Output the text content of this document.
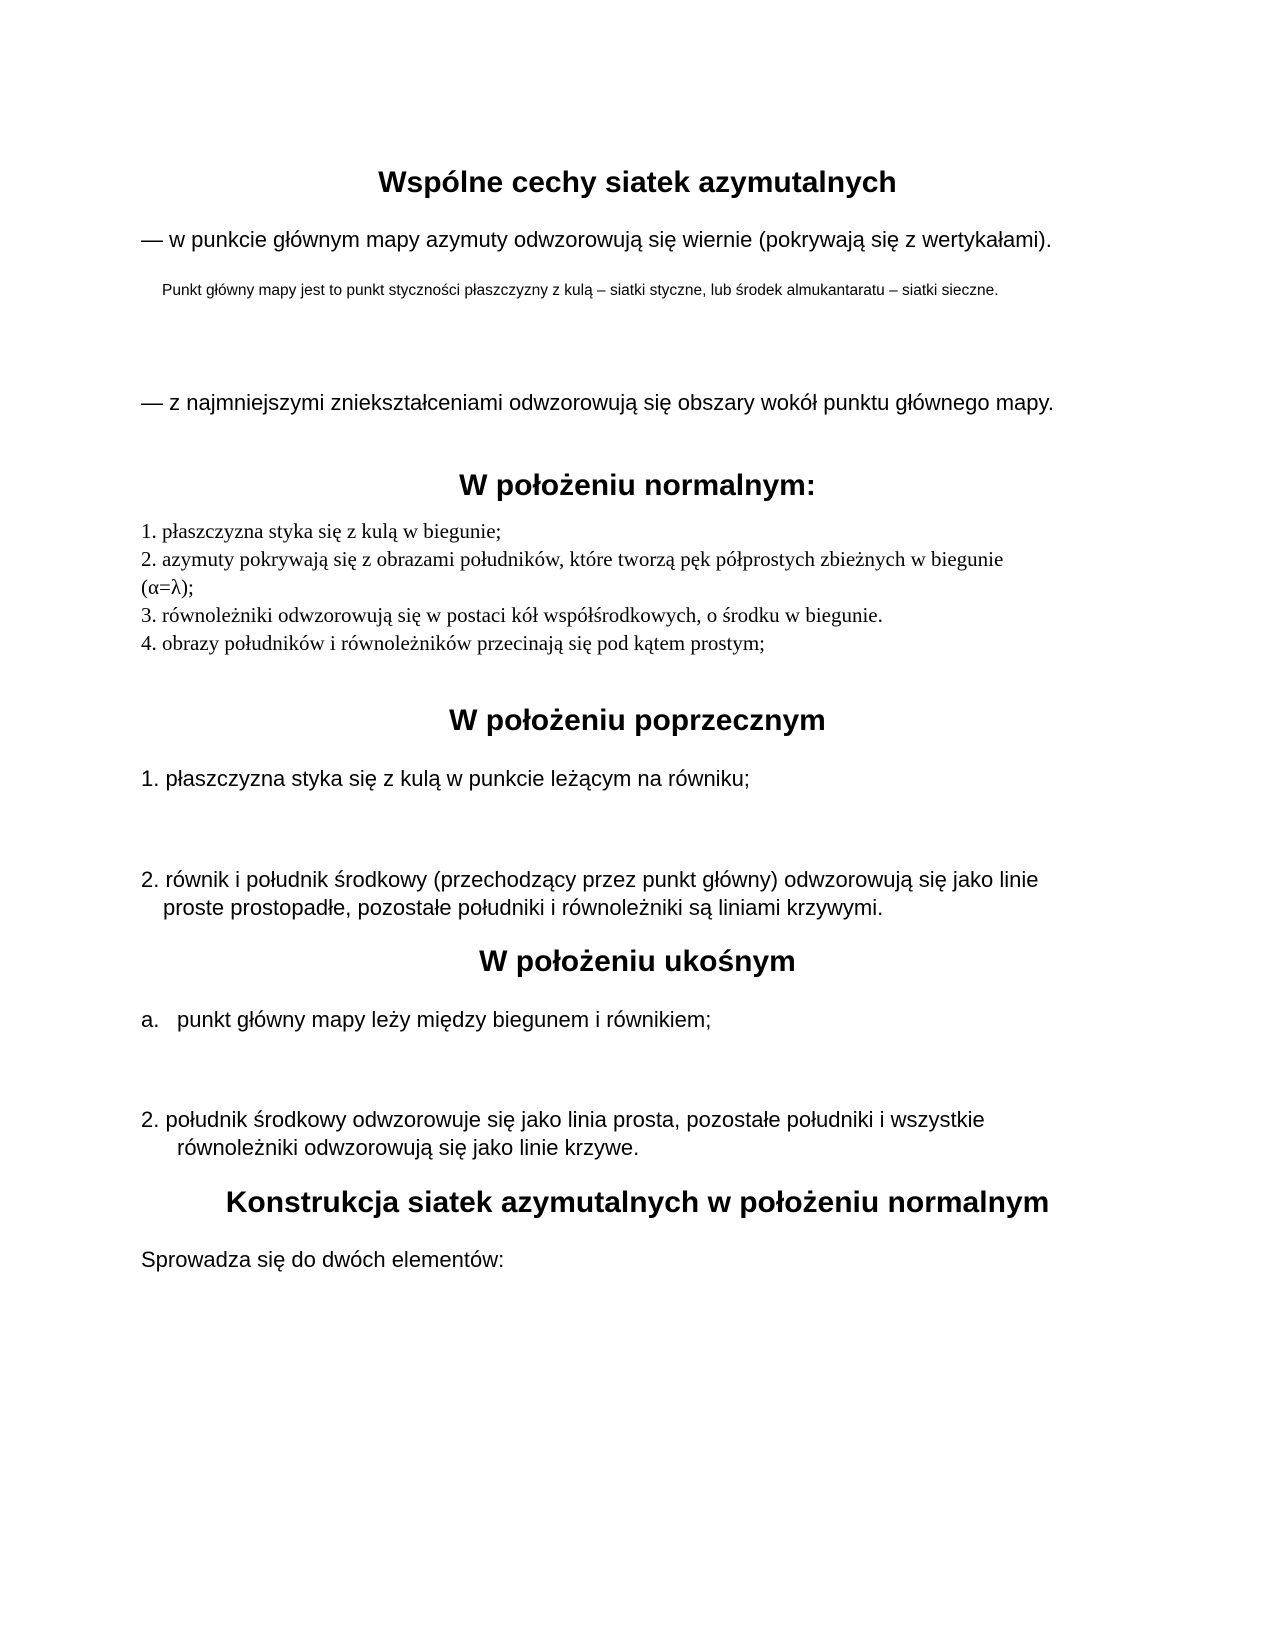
Wspólne cechy siatek azymutalnych

— w punkcie głównym mapy azymuty odwzorowują się wiernie (pokrywają się z wertykałami).

Punkt główny mapy jest to punkt styczności płaszczyzny z kulą – siatki styczne, lub środek almukantaratu – siatki sieczne.

— z najmniejszymi zniekształceniami odwzorowują się obszary wokół punktu głównego mapy.

W położeniu normalnym:

1. płaszczyzna styka się z kulą w biegunie;

2. azymuty pokrywają się z obrazami południków, które tworzą pęk półprostych zbieżnych w biegunie (α=λ);

3. równoleżniki odwzorowują się w postaci kół współśrodkowych, o środku w biegunie.

4. obrazy południków i równoleżników przecinają się pod kątem prostym;

W położeniu poprzecznym

1. płaszczyzna styka się z kulą w punkcie leżącym na równiku;

2. równik i południk środkowy (przechodzący przez punkt główny) odwzorowują się jako linie proste prostopadłe, pozostałe południki i równoleżniki są liniami krzywymi.

W położeniu ukośnym

a. punkt główny mapy leży między biegunem i równikiem;

2. południk środkowy odwzorowuje się jako linia prosta, pozostałe południki i wszystkie równoleżniki odwzorowują się jako linie krzywe.

Konstrukcja siatek azymutalnych w położeniu normalnym

Sprowadza się do dwóch elementów:
